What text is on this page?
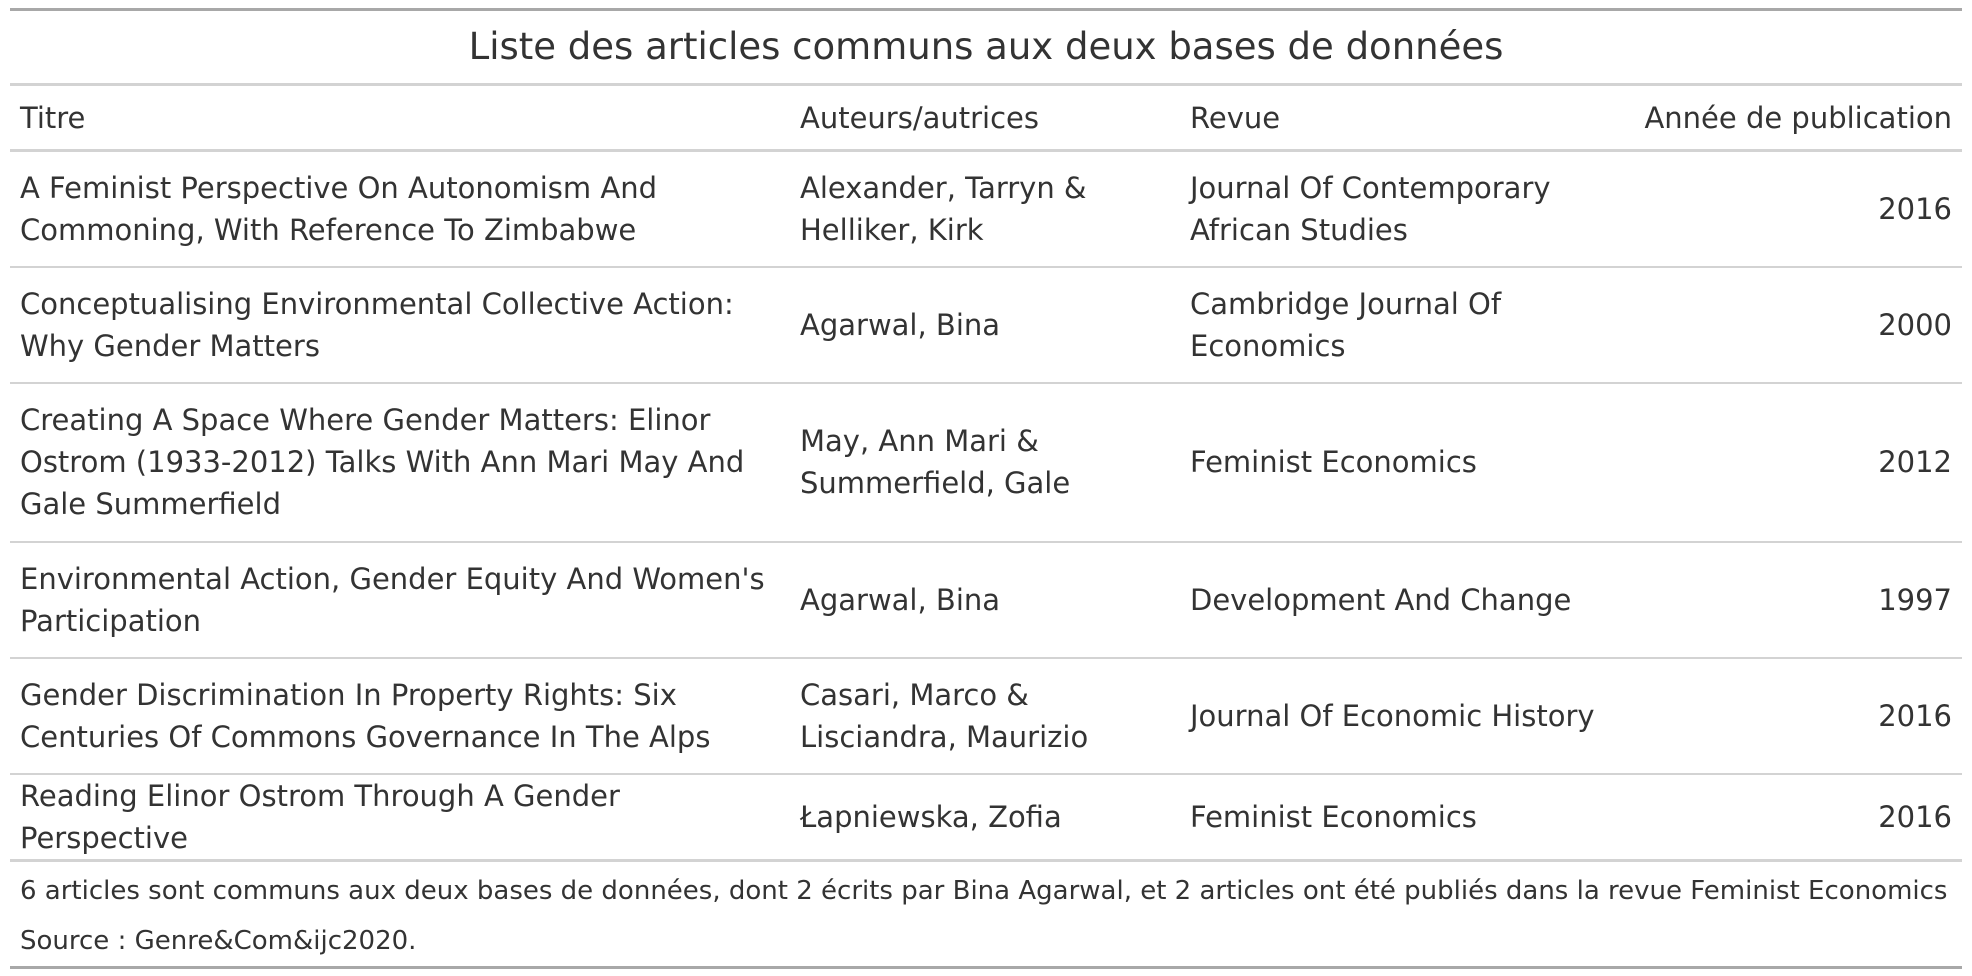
Liste des articles communs aux deux bases de données			
Titre	Auteurs/autrices	Revue	Année de publication
A Feminist Perspective On Autonomism And Commoning, With Reference To Zimbabwe	Alexander, Tarryn & Helliker, Kirk	Journal Of Contemporary African Studies	2016
Conceptualising Environmental Collective Action: Why Gender Matters	Agarwal, Bina	Cambridge Journal Of Economics	2000
Creating A Space Where Gender Matters: Elinor Ostrom (1933-2012) Talks With Ann Mari May And Gale Summerfield	May, Ann Mari & Summerfield, Gale	Feminist Economics	2012
Environmental Action, Gender Equity And Women's Participation	Agarwal, Bina	Development And Change	1997
Gender Discrimination In Property Rights: Six Centuries Of Commons Governance In The Alps	Casari, Marco & Lisciandra, Maurizio	Journal Of Economic History	2016
Reading Elinor Ostrom Through A Gender Perspective	Łapniewska, Zofia	Feminist Economics	2016
6 articles sont communs aux deux bases de données, dont 2 écrits par Bina Agarwal, et 2 articles ont été publiés dans la revue Feminist Economics			
Source : Genre&Com&ijc2020.			
